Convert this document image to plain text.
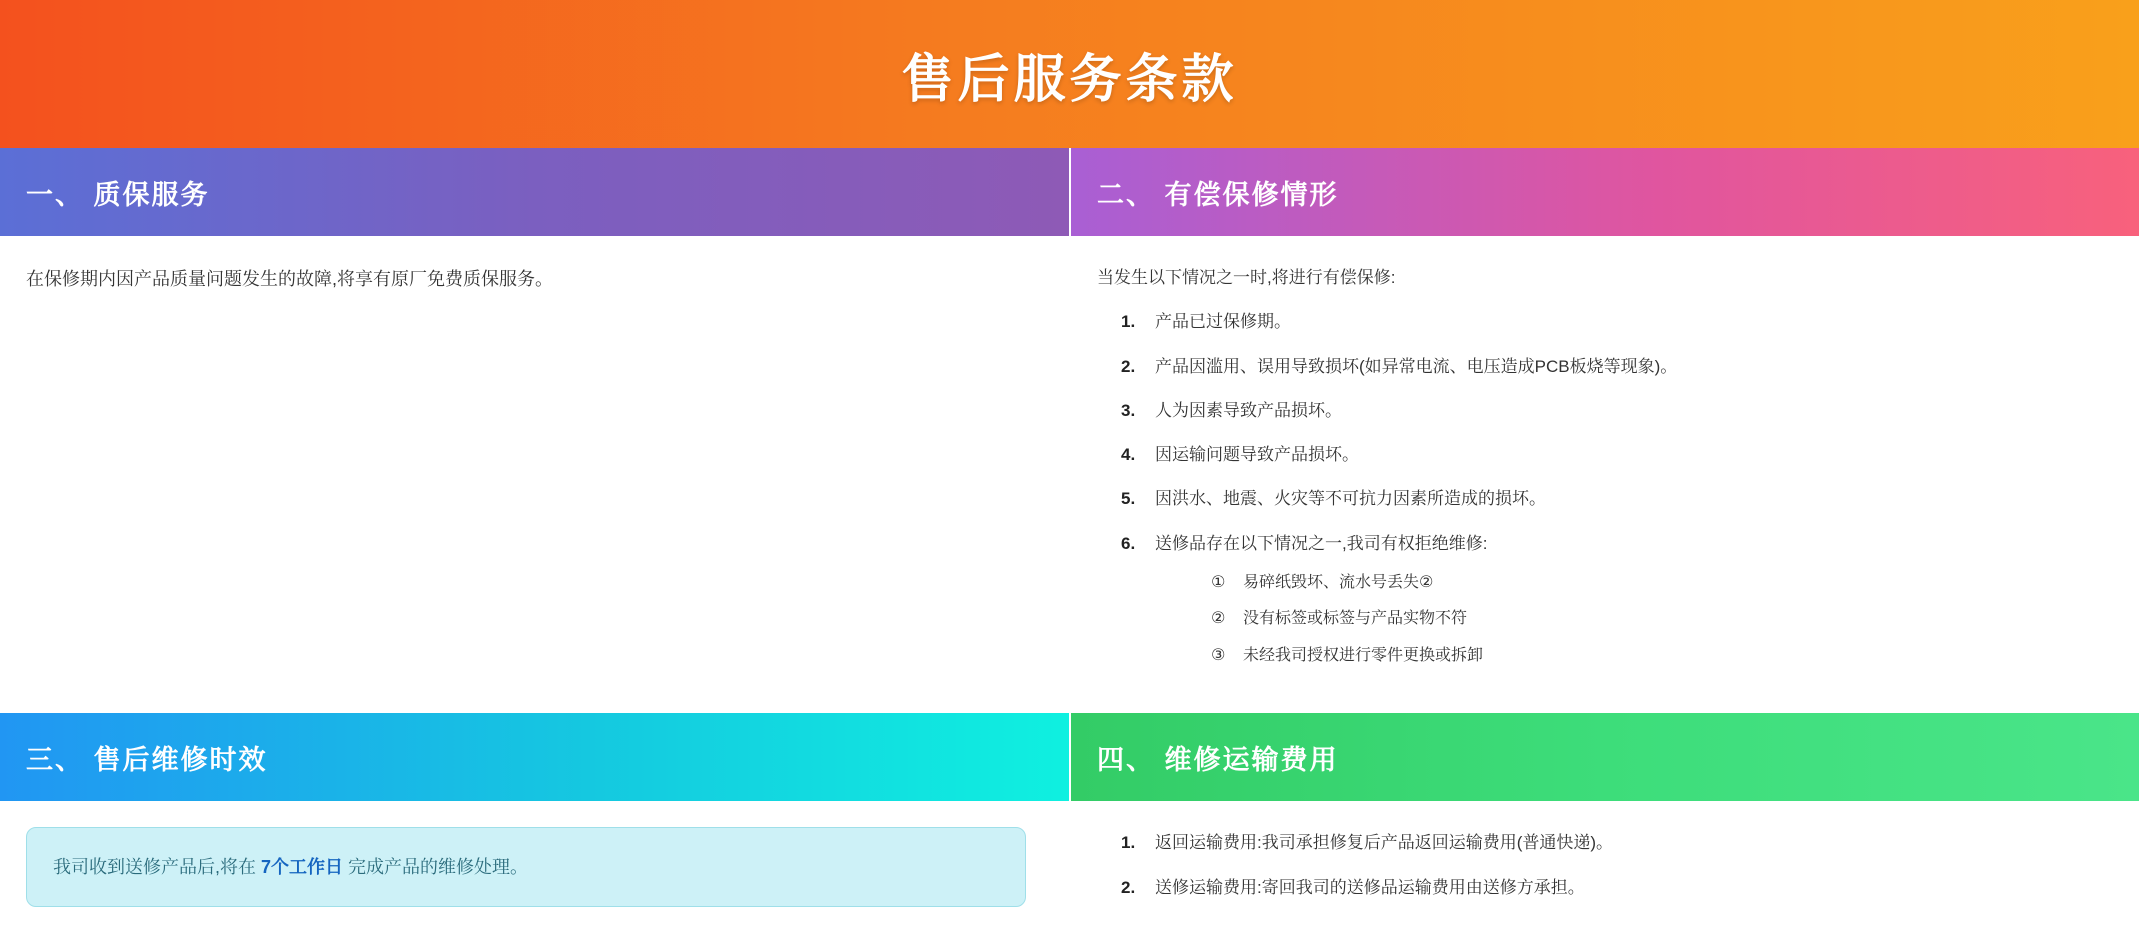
售后服务条款
一、 质保服务

在保修期内因产品质量问题发生的故障,将享有原厂免费质保服务。

二、 有偿保修情形

当发生以下情况之一时,将进行有偿保修:

产品已过保修期。
产品因滥用、误用导致损坏(如异常电流、电压造成PCB板烧等现象)。
人为因素导致产品损坏。
因运输问题导致产品损坏。
因洪水、地震、火灾等不可抗力因素所造成的损坏。
送修品存在以下情况之一,我司有权拒绝维修:
① 易碎纸毁坏、流水号丢失②
② 没有标签或标签与产品实物不符
③ 未经我司授权进行零件更换或拆卸
三、 售后维修时效
我司收到送修产品后,将在 7个工作日 完成产品的维修处理。
四、 维修运输费用
返回运输费用:我司承担修复后产品返回运输费用(普通快递)。
送修运输费用:寄回我司的送修品运输费用由送修方承担。
